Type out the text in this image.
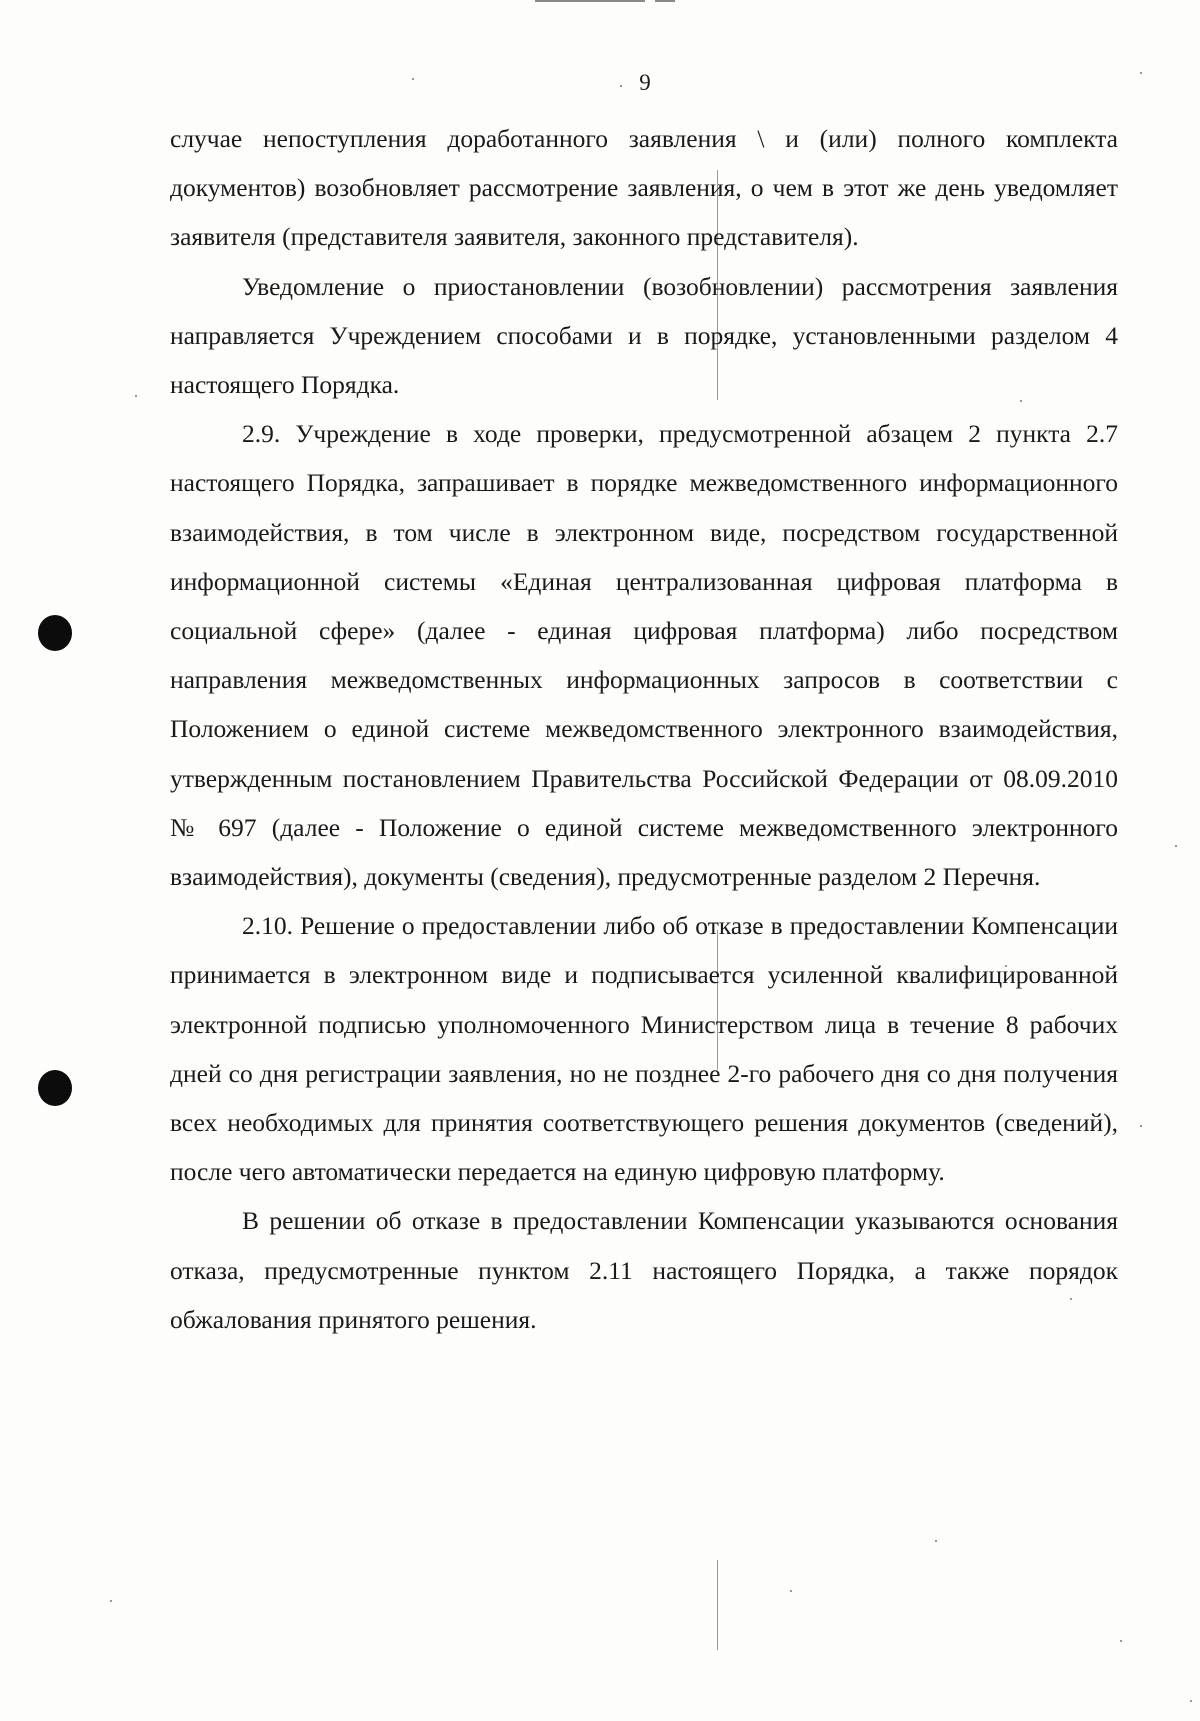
9

случае непоступления доработанного заявления \ и (или) полного комплекта документов) возобновляет рассмотрение заявления, о чем в этот же день уведомляет заявителя (представителя заявителя, законного представителя).

Уведомление о приостановлении (возобновлении) рассмотрения заявления направляется Учреждением способами и в порядке, установленными разделом 4 настоящего Порядка.

2.9. Учреждение в ходе проверки, предусмотренной абзацем 2 пункта 2.7 настоящего Порядка, запрашивает в порядке межведомственного информационного взаимодействия, в том числе в электронном виде, посредством государственной информационной системы «Единая централизованная цифровая платформа в социальной сфере» (далее - единая цифровая платформа) либо посредством направления межведомственных информационных запросов в соответствии с Положением о единой системе межведомственного электронного взаимодействия, утвержденным постановлением Правительства Российской Федерации от 08.09.2010 № 697 (далее - Положение о единой системе межведомственного электронного взаимодействия), документы (сведения), предусмотренные разделом 2 Перечня.

2.10. Решение о предоставлении либо об отказе в предоставлении Компенсации принимается в электронном виде и подписывается усиленной квалифицированной электронной подписью уполномоченного Министерством лица в течение 8 рабочих дней со дня регистрации заявления, но не позднее 2-го рабочего дня со дня получения всех необходимых для принятия соответствующего решения документов (сведений), после чего автоматически передается на единую цифровую платформу.

В решении об отказе в предоставлении Компенсации указываются основания отказа, предусмотренные пунктом 2.11 настоящего Порядка, а также порядок обжалования принятого решения.
